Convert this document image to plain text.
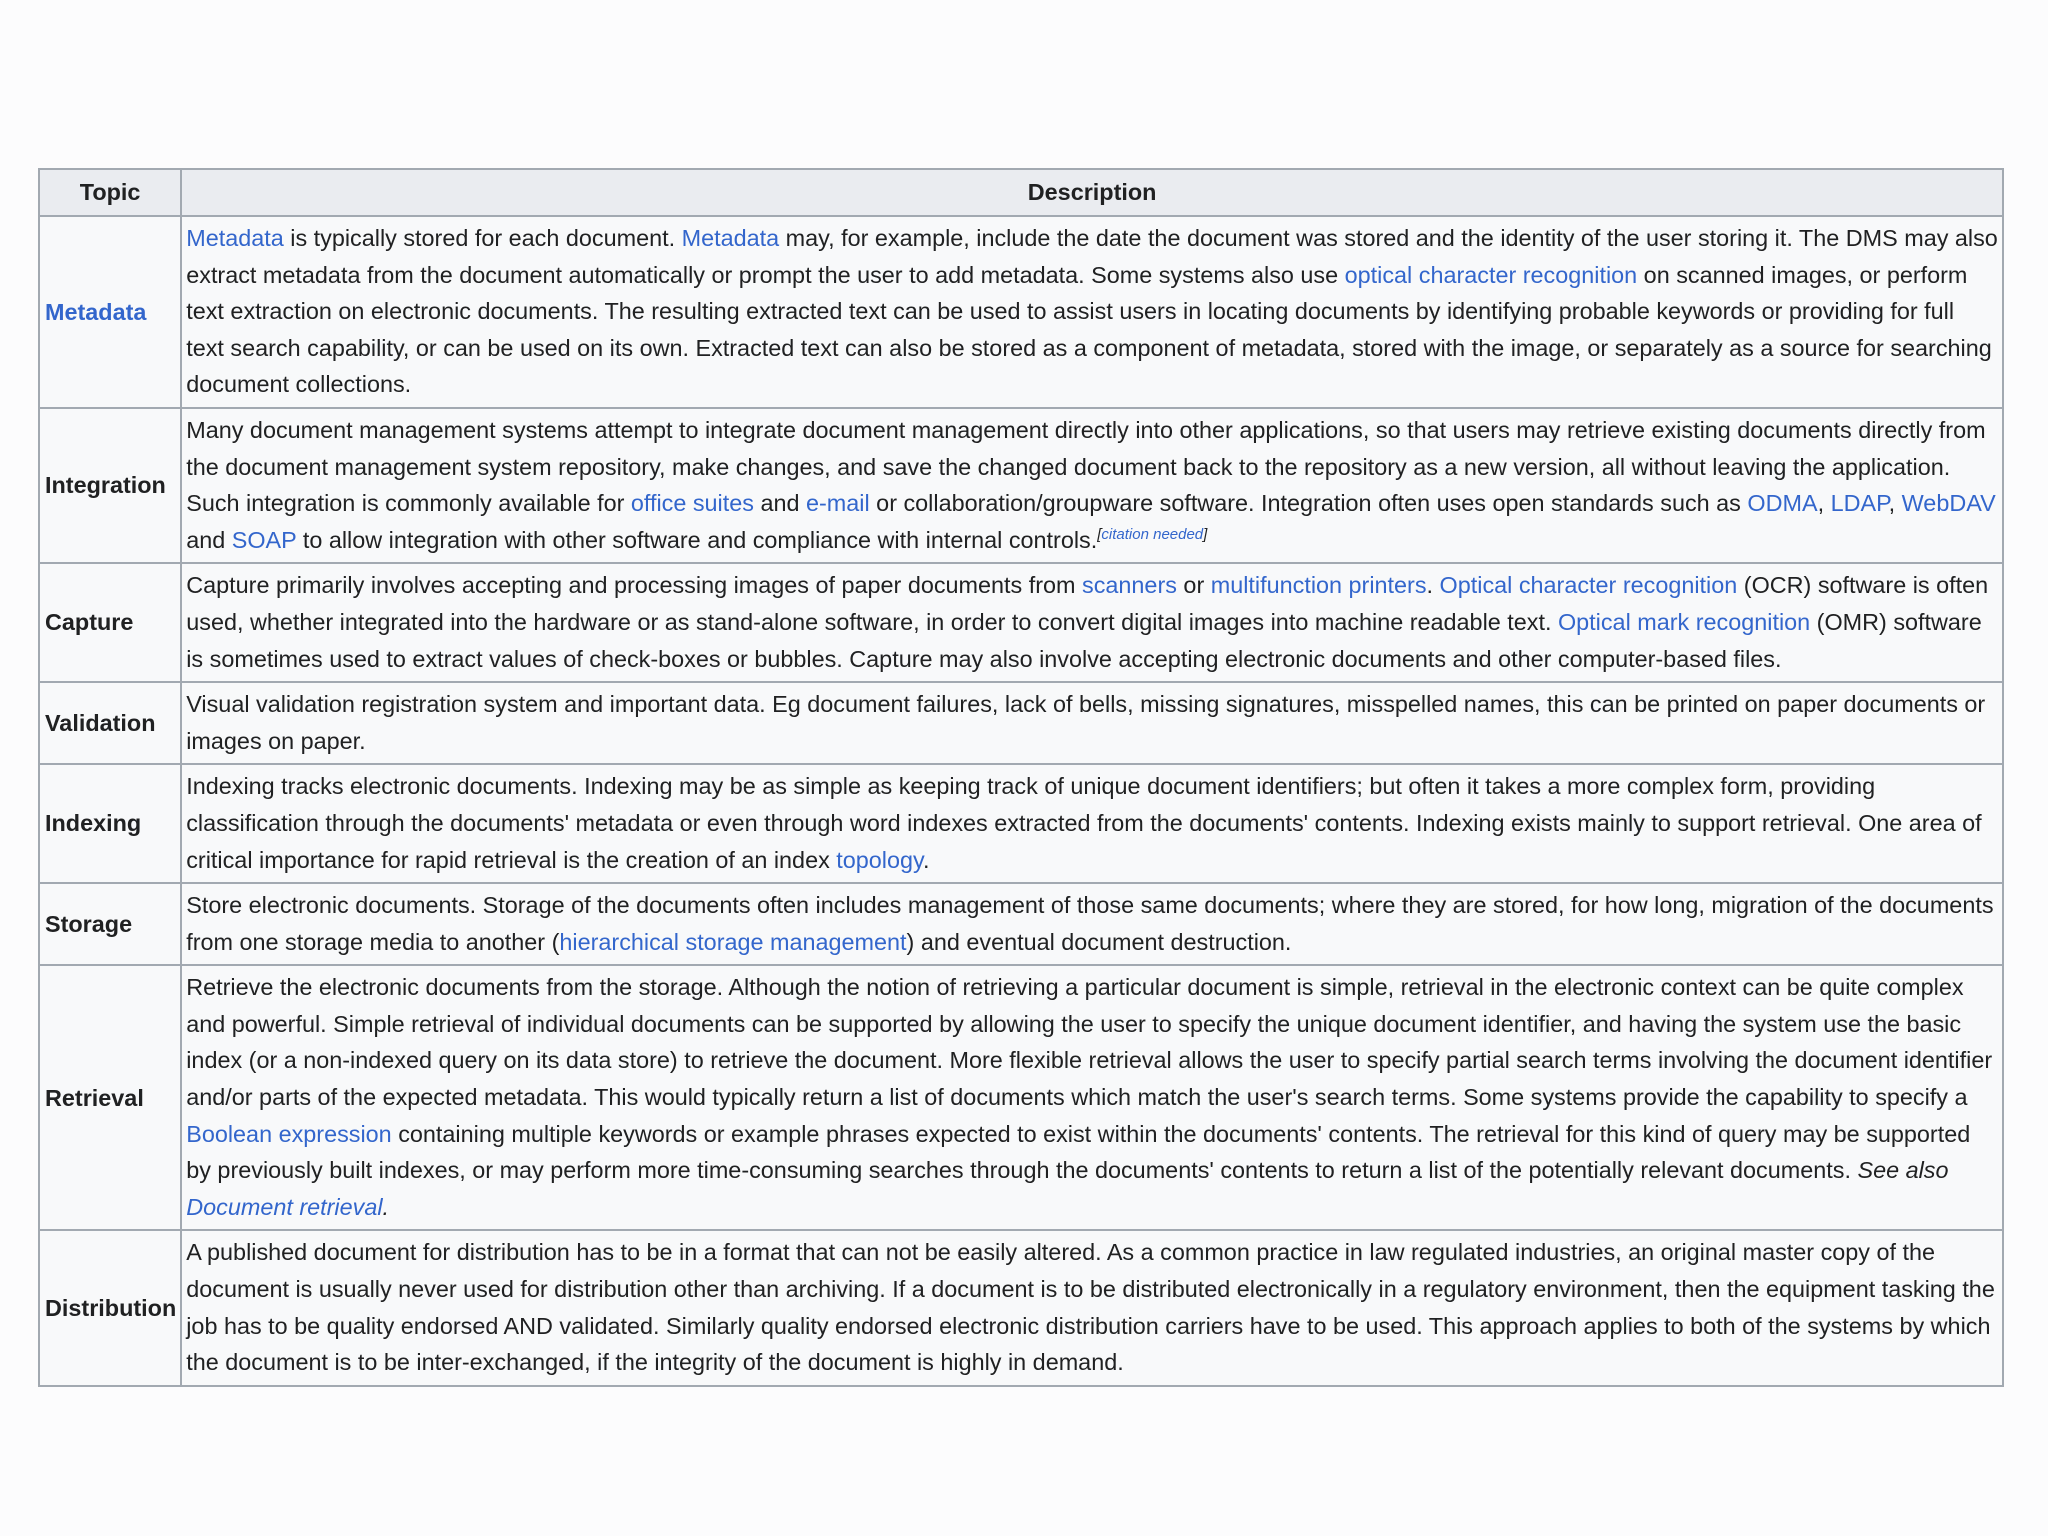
Topic	Description
Metadata	Metadata is typically stored for each document. Metadata may, for example, include the date the document was stored and the identity of the user storing it. The DMS may also extract metadata from the document automatically or prompt the user to add metadata. Some systems also use optical character recognition on scanned images, or perform text extraction on electronic documents. The resulting extracted text can be used to assist users in locating documents by identifying probable keywords or providing for full text search capability, or can be used on its own. Extracted text can also be stored as a component of metadata, stored with the image, or separately as a source for searching document collections.
Integration	Many document management systems attempt to integrate document management directly into other applications, so that users may retrieve existing documents directly from the document management system repository, make changes, and save the changed document back to the repository as a new version, all without leaving the application. Such integration is commonly available for office suites and e-mail or collaboration/groupware software. Integration often uses open standards such as ODMA, LDAP, WebDAV and SOAP to allow integration with other software and compliance with internal controls.[citation needed]
Capture	Capture primarily involves accepting and processing images of paper documents from scanners or multifunction printers. Optical character recognition (OCR) software is often used, whether integrated into the hardware or as stand-alone software, in order to convert digital images into machine readable text. Optical mark recognition (OMR) software is sometimes used to extract values of check-boxes or bubbles. Capture may also involve accepting electronic documents and other computer-based files.
Validation	Visual validation registration system and important data. Eg document failures, lack of bells, missing signatures, misspelled names, this can be printed on paper documents or images on paper.
Indexing	Indexing tracks electronic documents. Indexing may be as simple as keeping track of unique document identifiers; but often it takes a more complex form, providing classification through the documents' metadata or even through word indexes extracted from the documents' contents. Indexing exists mainly to support retrieval. One area of critical importance for rapid retrieval is the creation of an index topology.
Storage	Store electronic documents. Storage of the documents often includes management of those same documents; where they are stored, for how long, migration of the documents from one storage media to another (hierarchical storage management) and eventual document destruction.
Retrieval	Retrieve the electronic documents from the storage. Although the notion of retrieving a particular document is simple, retrieval in the electronic context can be quite complex and powerful. Simple retrieval of individual documents can be supported by allowing the user to specify the unique document identifier, and having the system use the basic index (or a non-indexed query on its data store) to retrieve the document. More flexible retrieval allows the user to specify partial search terms involving the document identifier and/or parts of the expected metadata. This would typically return a list of documents which match the user's search terms. Some systems provide the capability to specify a Boolean expression containing multiple keywords or example phrases expected to exist within the documents' contents. The retrieval for this kind of query may be supported by previously built indexes, or may perform more time-consuming searches through the documents' contents to return a list of the potentially relevant documents. See also Document retrieval.
Distribution	A published document for distribution has to be in a format that can not be easily altered. As a common practice in law regulated industries, an original master copy of the document is usually never used for distribution other than archiving. If a document is to be distributed electronically in a regulatory environment, then the equipment tasking the job has to be quality endorsed AND validated. Similarly quality endorsed electronic distribution carriers have to be used. This approach applies to both of the systems by which the document is to be inter-exchanged, if the integrity of the document is highly in demand.
